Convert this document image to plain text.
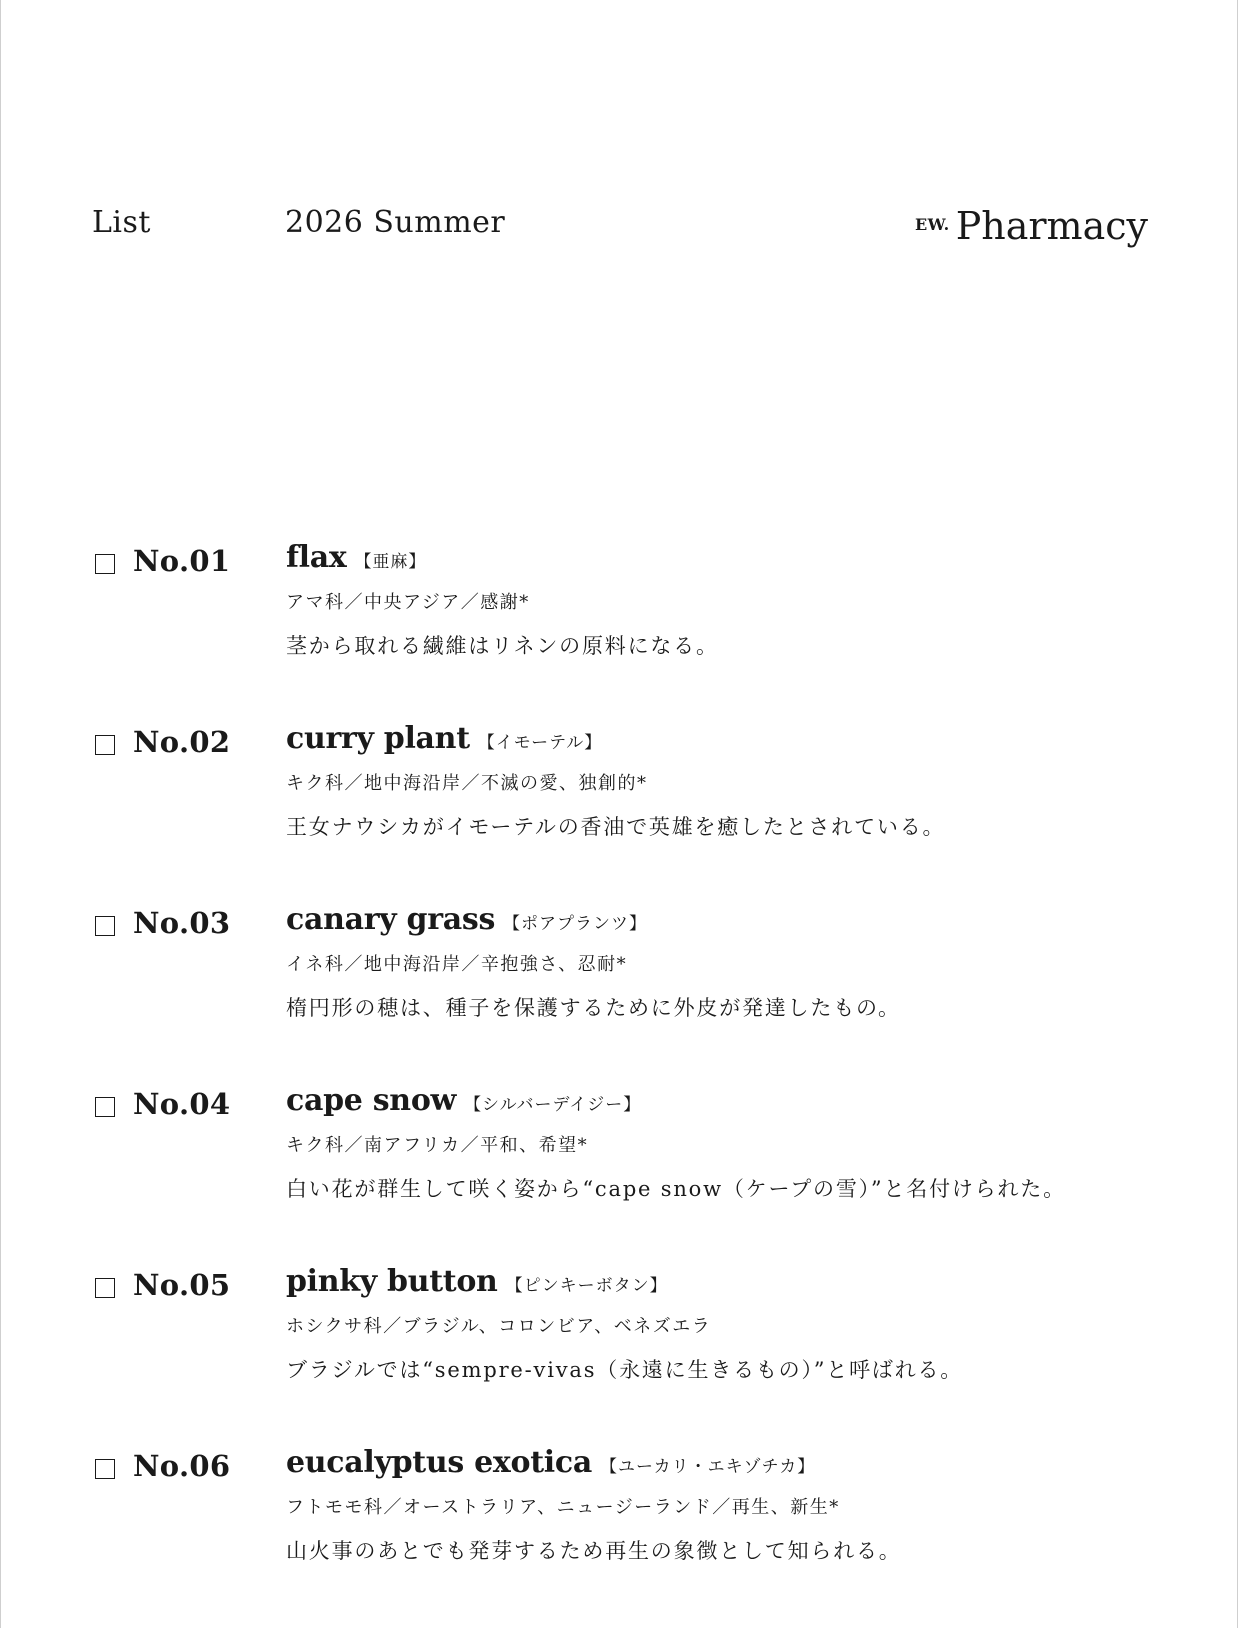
List	2026 Summer	EW. Pharmacy
No.01 flax 【亜麻】
アマ科／中央アジア／感謝*
茎から取れる繊維はリネンの原料になる。
No.02 curry plant 【イモーテル】
キク科／地中海沿岸／不滅の愛、独創的*
王女ナウシカがイモーテルの香油で英雄を癒したとされている。
No.03 canary grass 【ポアプランツ】
イネ科／地中海沿岸／辛抱強さ、忍耐*
楕円形の穂は、種子を保護するために外皮が発達したもの。
No.04 cape snow 【シルバーデイジー】
キク科／南アフリカ／平和、希望*
白い花が群生して咲く姿から“cape snow（ケープの雪）”と名付けられた。
No.05 pinky button 【ピンキーボタン】
ホシクサ科／ブラジル、コロンビア、ベネズエラ
ブラジルでは“sempre-vivas（永遠に生きるもの）”と呼ばれる。
No.06 eucalyptus exotica 【ユーカリ・エキゾチカ】
フトモモ科／オーストラリア、ニュージーランド／再生、新生*
山火事のあとでも発芽するため再生の象徴として知られる。
